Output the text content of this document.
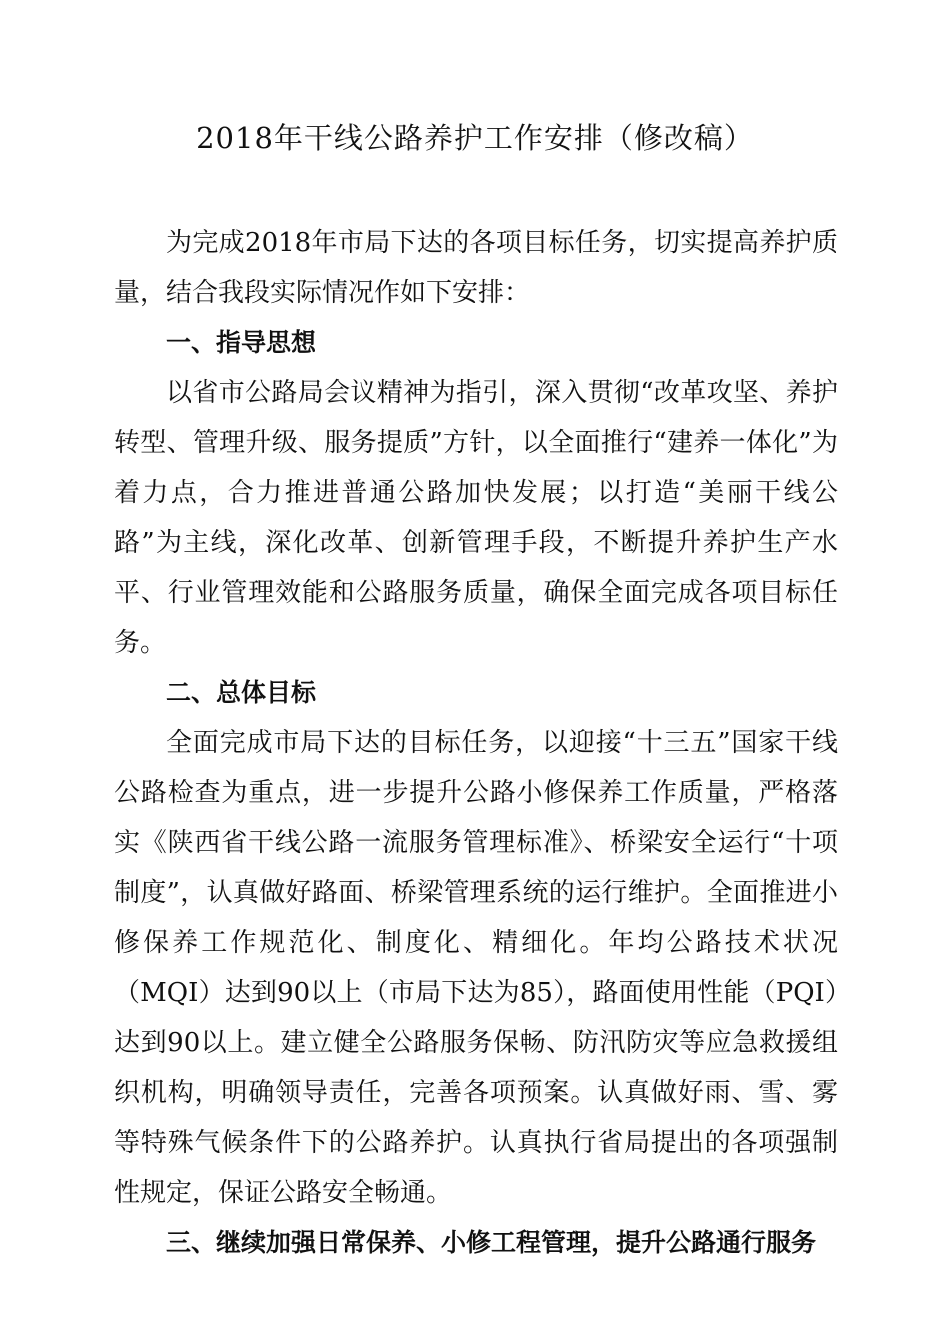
2018年干线公路养护工作安排（修改稿）

为完成2018年市局下达的各项目标任务，切实提高养护质量，结合我段实际情况作如下安排：

一、指导思想

以省市公路局会议精神为指引，深入贯彻“改革攻坚、养护转型、管理升级、服务提质”方针，以全面推行“建养一体化”为着力点，合力推进普通公路加快发展；以打造“美丽干线公路”为主线，深化改革、创新管理手段，不断提升养护生产水平、行业管理效能和公路服务质量，确保全面完成各项目标任务。

二、总体目标

全面完成市局下达的目标任务，以迎接“十三五”国家干线公路检查为重点，进一步提升公路小修保养工作质量，严格落实《陕西省干线公路一流服务管理标准》、桥梁安全运行“十项制度”，认真做好路面、桥梁管理系统的运行维护。全面推进小修保养工作规范化、制度化、精细化。年均公路技术状况（MQI）达到90以上（市局下达为85），路面使用性能（PQI）达到90以上。建立健全公路服务保畅、防汛防灾等应急救援组织机构，明确领导责任，完善各项预案。认真做好雨、雪、雾等特殊气候条件下的公路养护。认真执行省局提出的各项强制性规定，保证公路安全畅通。

三、继续加强日常保养、小修工程管理，提升公路通行服务
